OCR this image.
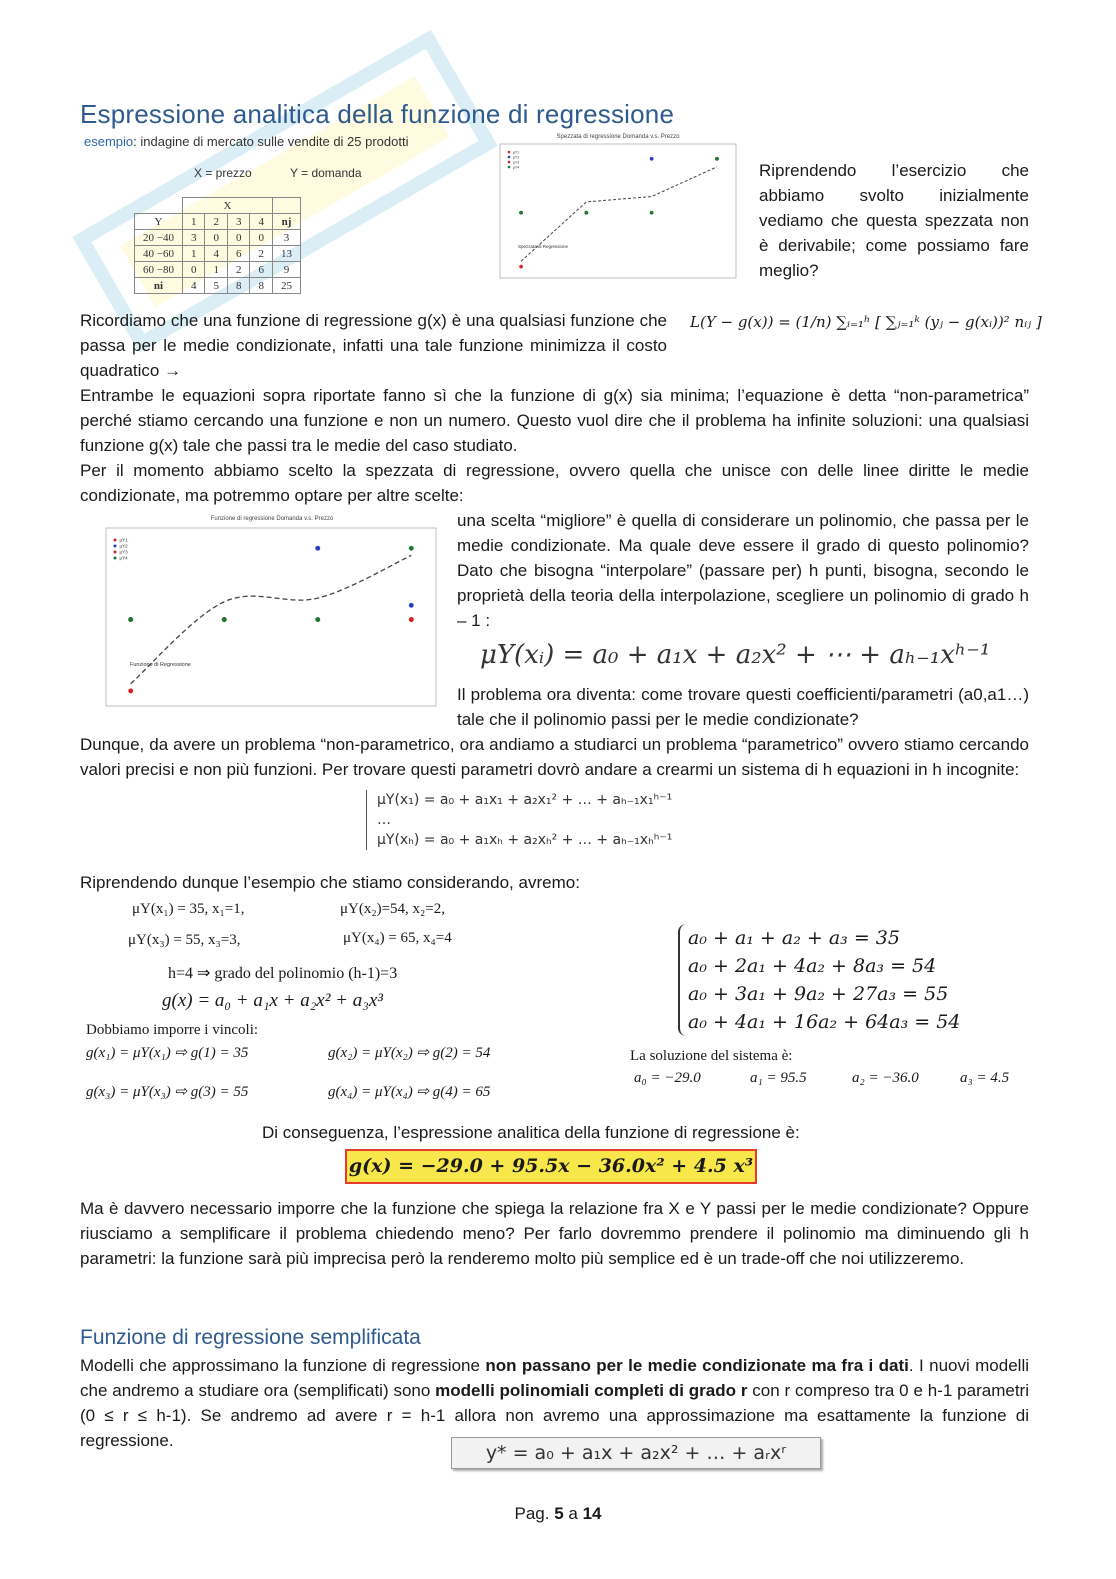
Espressione analitica della funzione di regressione
esempio: indagine di mercato sulle vendite di 25 prodotti
X = prezzo	Y = domanda
	X				
Y	1	2	3	4	nj
20 −40	3	0	0	0	3
40 −60	1	4	6	2	13
60 −80	0	1	2	6	9
ni	4	5	8	8	25
Spezzata di regressione Domanda v.s. Prezzo
μY1
μY2
μY3
μY4
Spezzata di Regressione

Riprendendo l’esercizio che abbiamo svolto inizialmente vediamo che questa spezzata non è derivabile; come possiamo fare meglio?

Ricordiamo che una funzione di regressione g(x) è una qualsiasi funzione che passa per le medie condizionate, infatti una tale funzione minimizza il costo quadratico →

L(Y − g(x)) = (1/n) ∑ᵢ₌₁ʰ [ ∑ⱼ₌₁ᵏ (yⱼ − g(xᵢ))² nᵢⱼ ]

Entrambe le equazioni sopra riportate fanno sì che la funzione di g(x) sia minima; l’equazione è detta “non-parametrica” perché stiamo cercando una funzione e non un numero. Questo vuol dire che il problema ha infinite soluzioni: una qualsiasi funzione g(x) tale che passi tra le medie del caso studiato.

Per il momento abbiamo scelto la spezzata di regressione, ovvero quella che unisce con delle linee diritte le medie condizionate, ma potremmo optare per altre scelte:

Funzione di regressione Domanda v.s. Prezzo
μY1
μY2
μY3
μY4
Funzione di Regressione

una scelta “migliore” è quella di considerare un polinomio, che passa per le medie condizionate. Ma quale deve essere il grado di questo polinomio? Dato che bisogna “interpolare” (passare per) h punti, bisogna, secondo le proprietà della teoria della interpolazione, scegliere un polinomio di grado h – 1 :

μY(xᵢ) = a₀ + a₁x + a₂x² + ⋯ + aₕ₋₁xʰ⁻¹

Il problema ora diventa: come trovare questi coefficienti/parametri (a0,a1…) tale che il polinomio passi per le medie condizionate?

Dunque, da avere un problema “non-parametrico, ora andiamo a studiarci un problema “parametrico” ovvero stiamo cercando valori precisi e non più funzioni. Per trovare questi parametri dovrò andare a crearmi un sistema di h equazioni in h incognite:

μY(x₁) = a₀ + a₁x₁ + a₂x₁² + … + aₕ₋₁x₁ʰ⁻¹
…
μY(xₕ) = a₀ + a₁xₕ + a₂xₕ² + … + aₕ₋₁xₕʰ⁻¹

Riprendendo dunque l’esempio che stiamo considerando, avremo:

μY(x₁) = 35, x₁=1,	μY(x₂)=54, x₂=2,
μY(x₃) = 55, x₃=3,	μY(x₄) = 65, x₄=4
h=4 ⇒ grado del polinomio (h-1)=3
g(x) = a₀ + a₁x + a₂x² + a₃x³
Dobbiamo imporre i vincoli:
g(x₁) = μY(x₁) ⇨ g(1) = 35	g(x₂) = μY(x₂) ⇨ g(2) = 54
g(x₃) = μY(x₃) ⇨ g(3) = 55	g(x₄) = μY(x₄) ⇨ g(4) = 65
a₀ + a₁ + a₂ + a₃ = 35
a₀ + 2a₁ + 4a₂ + 8a₃ = 54
a₀ + 3a₁ + 9a₂ + 27a₃ = 55
a₀ + 4a₁ + 16a₂ + 64a₃ = 54
La soluzione del sistema è:
a₀ = −29.0	a₁ = 95.5	a₂ = −36.0	a₃ = 4.5

Di conseguenza, l’espressione analitica della funzione di regressione è:

g(x) = −29.0 + 95.5x − 36.0x² + 4.5 x³

Ma è davvero necessario imporre che la funzione che spiega la relazione fra X e Y passi per le medie condizionate? Oppure riusciamo a semplificare il problema chiedendo meno? Per farlo dovremmo prendere il polinomio ma diminuendo gli h parametri: la funzione sarà più imprecisa però la renderemo molto più semplice ed è un trade-off che noi utilizzeremo.

Funzione di regressione semplificata

Modelli che approssimano la funzione di regressione non passano per le medie condizionate ma fra i dati. I nuovi modelli che andremo a studiare ora (semplificati) sono modelli polinomiali completi di grado r con r compreso tra 0 e h-1 parametri (0 ≤ r ≤ h-1). Se andremo ad avere r = h-1 allora non avremo una approssimazione ma esattamente la funzione di regressione.

y* = a₀ + a₁x + a₂x² + … + aᵣxʳ
Pag. 5 a 14
